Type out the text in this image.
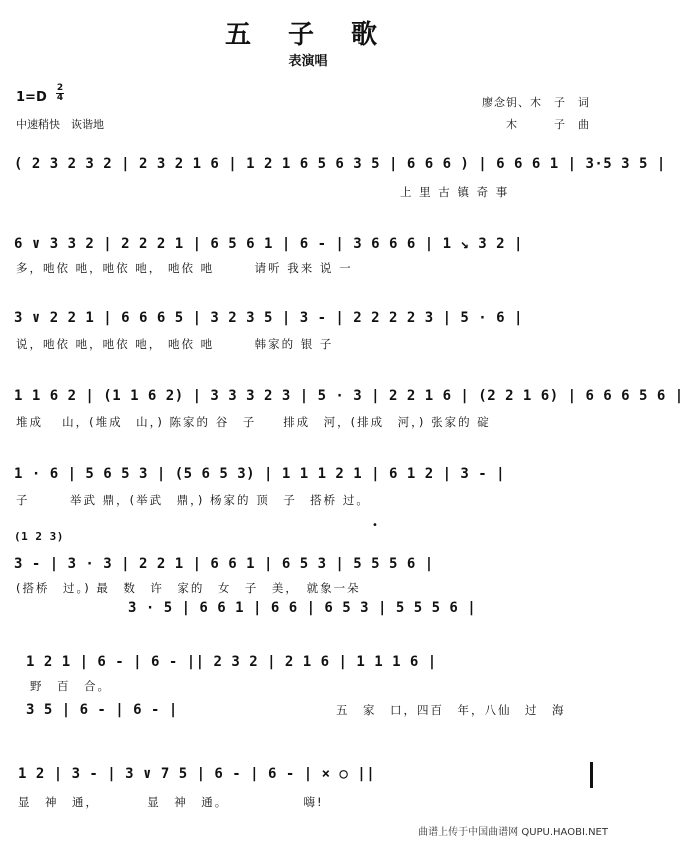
五 子 歌
表演唱
1=D
2
4
中速稍快　诙谐地
廖念钥、木　子　词
木　　　子　曲
( 2 3 2 3 2 | 2 3 2 1 6 | 1 2 1 6 5 6 3 5 | 6 6 6 ) | 6 6 6 1 | 3·5 3 5 |
上 里 古 镇 奇 事
6 ∨ 3 3 2 | 2 2 2 1 | 6 5 6 1 | 6 - | 3 6 6 6 | 1 ↘ 3 2 |
多，吔依 吔，吔依 吔， 吔依 吔　　　请听 我来 说 一
3 ∨ 2 2 1 | 6 6 6 5 | 3 2 3 5 | 3 - | 2 2 2 2 3 | 5 · 6 |
说，吔依 吔，吔依 吔， 吔依 吔　　　韩家的 银 子
1 1 6 2 | (1 1 6 2) | 3 3 3 2 3 | 5 · 3 | 2 2 1 6 | (2 2 1 6) | 6 6 6 5 6 |
堆成　 山，(堆成　山，) 陈家的 谷　子　　排成　河，(排成　河，) 张家的 碇
1 · 6 | 5 6 5 3 | (5 6 5 3) | 1 1 1 2 1 | 6 1 2 | 3 - |
子　　　举武 鼎，(举武　鼎，) 杨家的 顶　子　搭桥 过。
•
(1 2 3)
3 - | 3 · 3 | 2 2 1 | 6 6 1 | 6 5 3 | 5 5 5 6 |
(搭桥　过。) 最　数　许　家的　女　子　美，　就象一朵
3 · 5 | 6 6 1 | 6 6 | 6 5 3 | 5 5 5 6 |
1 2 1 | 6 - | 6 - || 2 3 2 | 2 1 6 | 1 1 1 6 |
野　百　合。
3 5 | 6 - | 6 - |	五　家　口，四百　年，八仙　过　海
1 2 | 3 - | 3 ∨ 7 5 | 6 - | 6 - | × ○ ||
显　神　通，　　　　显　神　通。　　　　　　嗨!
曲谱上传于中国曲谱网 QUPU.HAOBI.NET
